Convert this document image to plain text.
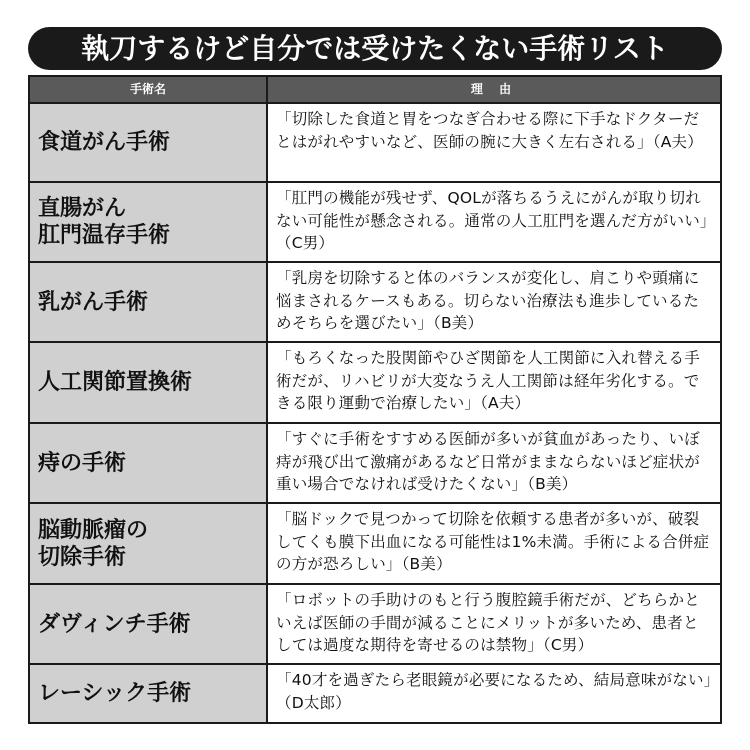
執刀するけど自分では受けたくない手術リスト
手術名	理 由
食道がん手術
「切除した食道と胃をつなぎ合わせる際に下手なドクターだとはがれやすいなど、医師の腕に大きく左右される」（A夫）
直腸がん
肛門温存手術
「肛門の機能が残せず、QOLが落ちるうえにがんが取り切れない可能性が懸念される。通常の人工肛門を選んだ方がいい」（C男）
乳がん手術
「乳房を切除すると体のバランスが変化し、肩こりや頭痛に悩まされるケースもある。切らない治療法も進歩しているためそちらを選びたい」（B美）
人工関節置換術
「もろくなった股関節やひざ関節を人工関節に入れ替える手術だが、リハビリが大変なうえ人工関節は経年劣化する。できる限り運動で治療したい」（A夫）
痔の手術
「すぐに手術をすすめる医師が多いが貧血があったり、いぼ痔が飛び出て激痛があるなど日常がままならないほど症状が重い場合でなければ受けたくない」（B美）
脳動脈瘤の
切除手術
「脳ドックで見つかって切除を依頼する患者が多いが、破裂してくも膜下出血になる可能性は1%未満。手術による合併症の方が恐ろしい」（B美）
ダヴィンチ手術
「ロボットの手助けのもと行う腹腔鏡手術だが、どちらかといえば医師の手間が減ることにメリットが多いため、患者としては過度な期待を寄せるのは禁物」（C男）
レーシック手術
「40才を過ぎたら老眼鏡が必要になるため、結局意味がない」（D太郎）
